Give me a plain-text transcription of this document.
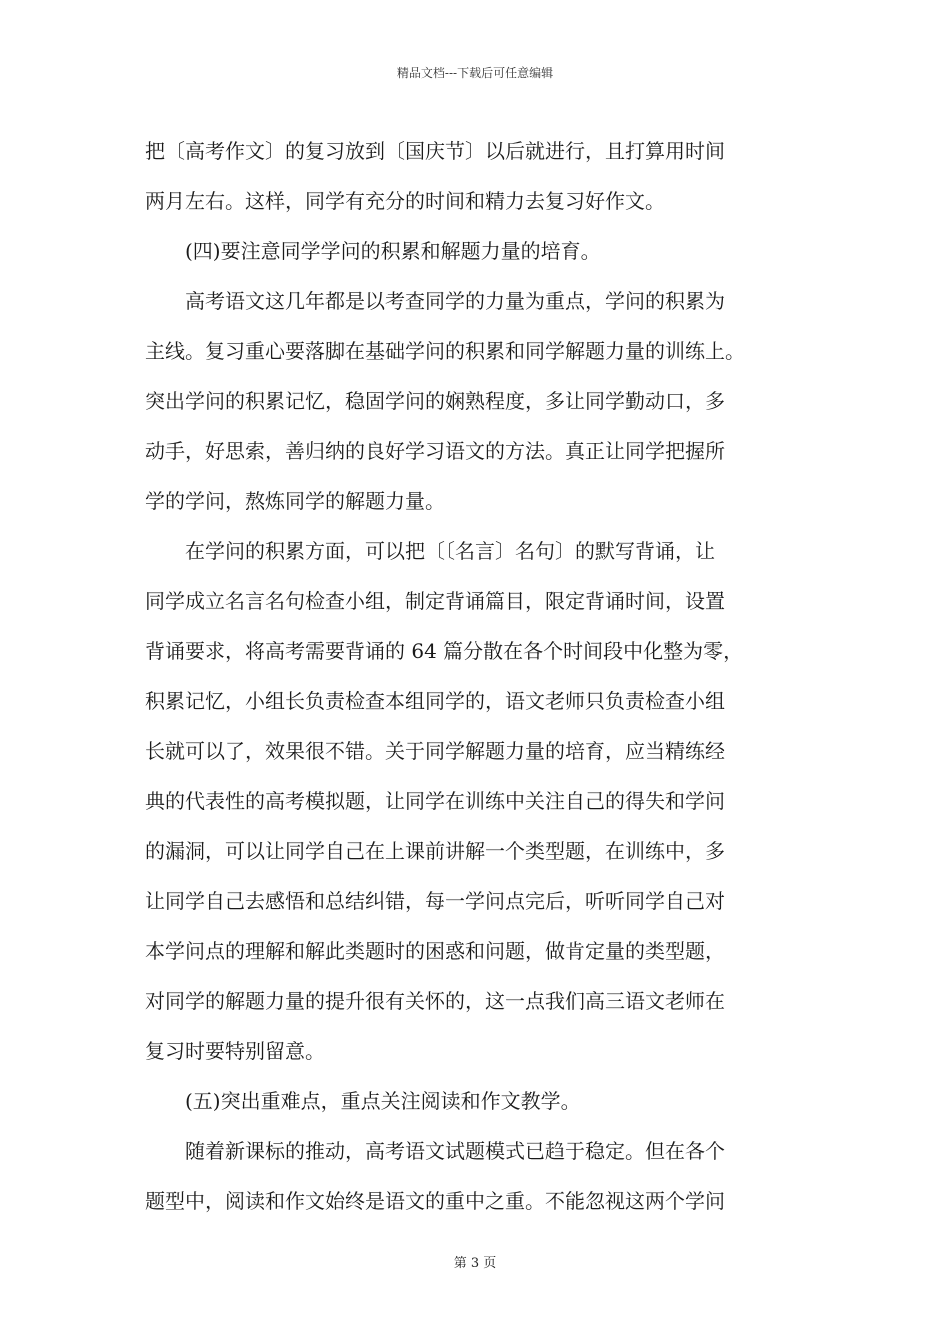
精品文档---下载后可任意编辑
把〔高考作文〕的复习放到〔国庆节〕以后就进行，且打算用时间
两月左右。这样，同学有充分的时间和精力去复习好作文。
　　(四)要注意同学学问的积累和解题力量的培育。
　　高考语文这几年都是以考查同学的力量为重点，学问的积累为
主线。复习重心要落脚在基础学问的积累和同学解题力量的训练上。
突出学问的积累记忆，稳固学问的娴熟程度，多让同学勤动口，多
动手，好思索，善归纳的良好学习语文的方法。真正让同学把握所
学的学问，熬炼同学的解题力量。
　　在学问的积累方面，可以把〔〔名言〕名句〕的默写背诵，让
同学成立名言名句检查小组，制定背诵篇目，限定背诵时间，设置
背诵要求，将高考需要背诵的 64 篇分散在各个时间段中化整为零，
积累记忆，小组长负责检查本组同学的，语文老师只负责检查小组
长就可以了，效果很不错。关于同学解题力量的培育，应当精练经
典的代表性的高考模拟题，让同学在训练中关注自己的得失和学问
的漏洞，可以让同学自己在上课前讲解一个类型题，在训练中，多
让同学自己去感悟和总结纠错，每一学问点完后，听听同学自己对
本学问点的理解和解此类题时的困惑和问题，做肯定量的类型题，
对同学的解题力量的提升很有关怀的，这一点我们高三语文老师在
复习时要特别留意。
　　(五)突出重难点，重点关注阅读和作文教学。
　　随着新课标的推动，高考语文试题模式已趋于稳定。但在各个
题型中，阅读和作文始终是语文的重中之重。不能忽视这两个学问
第 3 页
